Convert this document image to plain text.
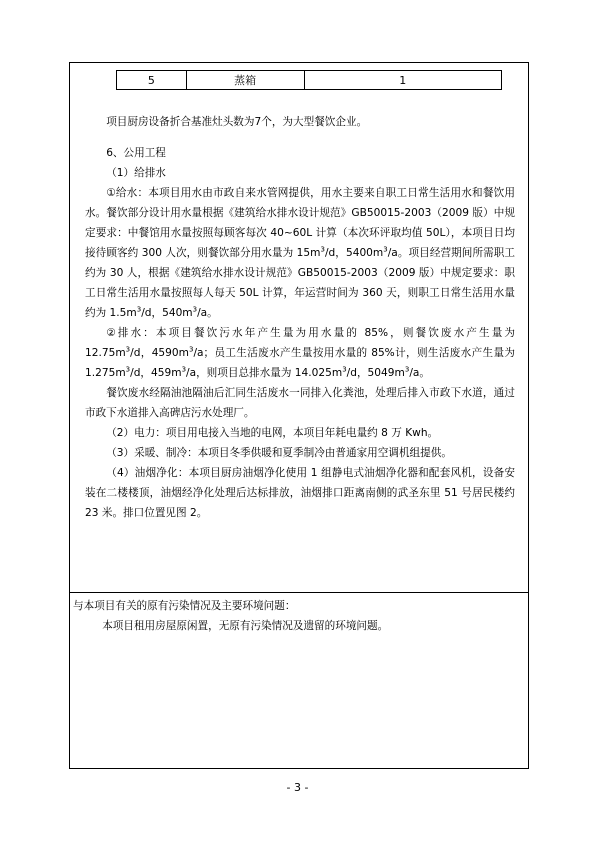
5	蒸箱	1

项目厨房设备折合基准灶头数为7个，为大型餐饮企业。

6、公用工程

（1）给排水

①给水：本项目用水由市政自来水管网提供，用水主要来自职工日常生活用水和餐饮用水。餐饮部分设计用水量根据《建筑给水排水设计规范》GB50015-2003（2009 版）中规定要求：中餐馆用水量按照每顾客每次 40~60L 计算（本次环评取均值 50L），本项目日均接待顾客约 300 人次，则餐饮部分用水量为 $15m^3/d$，$5400m^3/a$。项目经营期间所需职工约为 30 人，根据《建筑给水排水设计规范》GB50015-2003（2009 版）中规定要求：职工日常生活用水量按照每人每天 50L 计算，年运营时间为 360 天，则职工日常生活用水量约为 $1.5m^3/d$，$540m^3/a$。

②排水：本项目餐饮污水年产生量为用水量的 85%，则餐饮废水产生量为 $12.75m^3/d$，$4590m^3/a$；员工生活废水产生量按用水量的 85%计，则生活废水产生量为 $1.275m^3/d$，$459m^3/a$，则项目总排水量为 $14.025m^3/d$，$5049m^3/a$。

餐饮废水经隔油池隔油后汇同生活废水一同排入化粪池，处理后排入市政下水道，通过市政下水道排入高碑店污水处理厂。

（2）电力：项目用电接入当地的电网，本项目年耗电量约 8 万 Kwh。

（3）采暖、制冷：本项目冬季供暖和夏季制冷由普通家用空调机组提供。

（4）油烟净化：本项目厨房油烟净化使用 1 组静电式油烟净化器和配套风机，设备安装在二楼楼顶，油烟经净化处理后达标排放，油烟排口距离南侧的武圣东里 51 号居民楼约 23 米。排口位置见图 2。

与本项目有关的原有污染情况及主要环境问题：

本项目租用房屋原闲置，无原有污染情况及遗留的环境问题。

- 3 -
